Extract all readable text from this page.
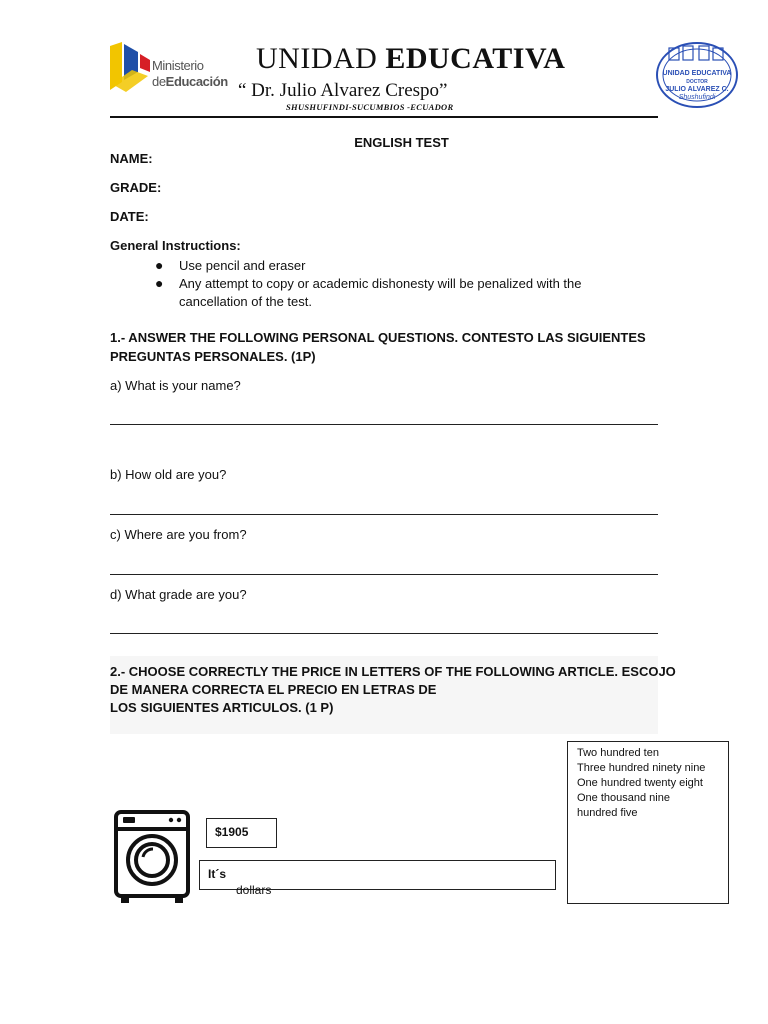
Ministerio
deEducación
UNIDAD EDUCATIVA
“ Dr. Julio Alvarez Crespo”
SHUSHUFINDI-SUCUMBIOS -ECUADOR
UNIDAD EDUCATIVA
DOCTOR
JULIO ALVAREZ C.
Shushufindi
ENGLISH TEST
NAME:
GRADE:
DATE:
General Instructions:
● Use pencil and eraser
● Any attempt to copy or academic dishonesty will be penalized with the
cancellation of the test.
1.- ANSWER THE FOLLOWING PERSONAL QUESTIONS. CONTESTO LAS SIGUIENTES
PREGUNTAS PERSONALES. (1P)
a) What is your name?
b) How old are you?
c) Where are you from?
d) What grade are you?
2.- CHOOSE CORRECTLY THE PRICE IN LETTERS OF THE FOLLOWING ARTICLE. ESCOJO
DE MANERA CORRECTA EL PRECIO EN LETRAS DE
LOS SIGUIENTES ARTICULOS. (1 P)
Two hundred ten
Three hundred ninety nine
One hundred twenty eight
One thousand nine
hundred five
$1905
It´s
dollars
